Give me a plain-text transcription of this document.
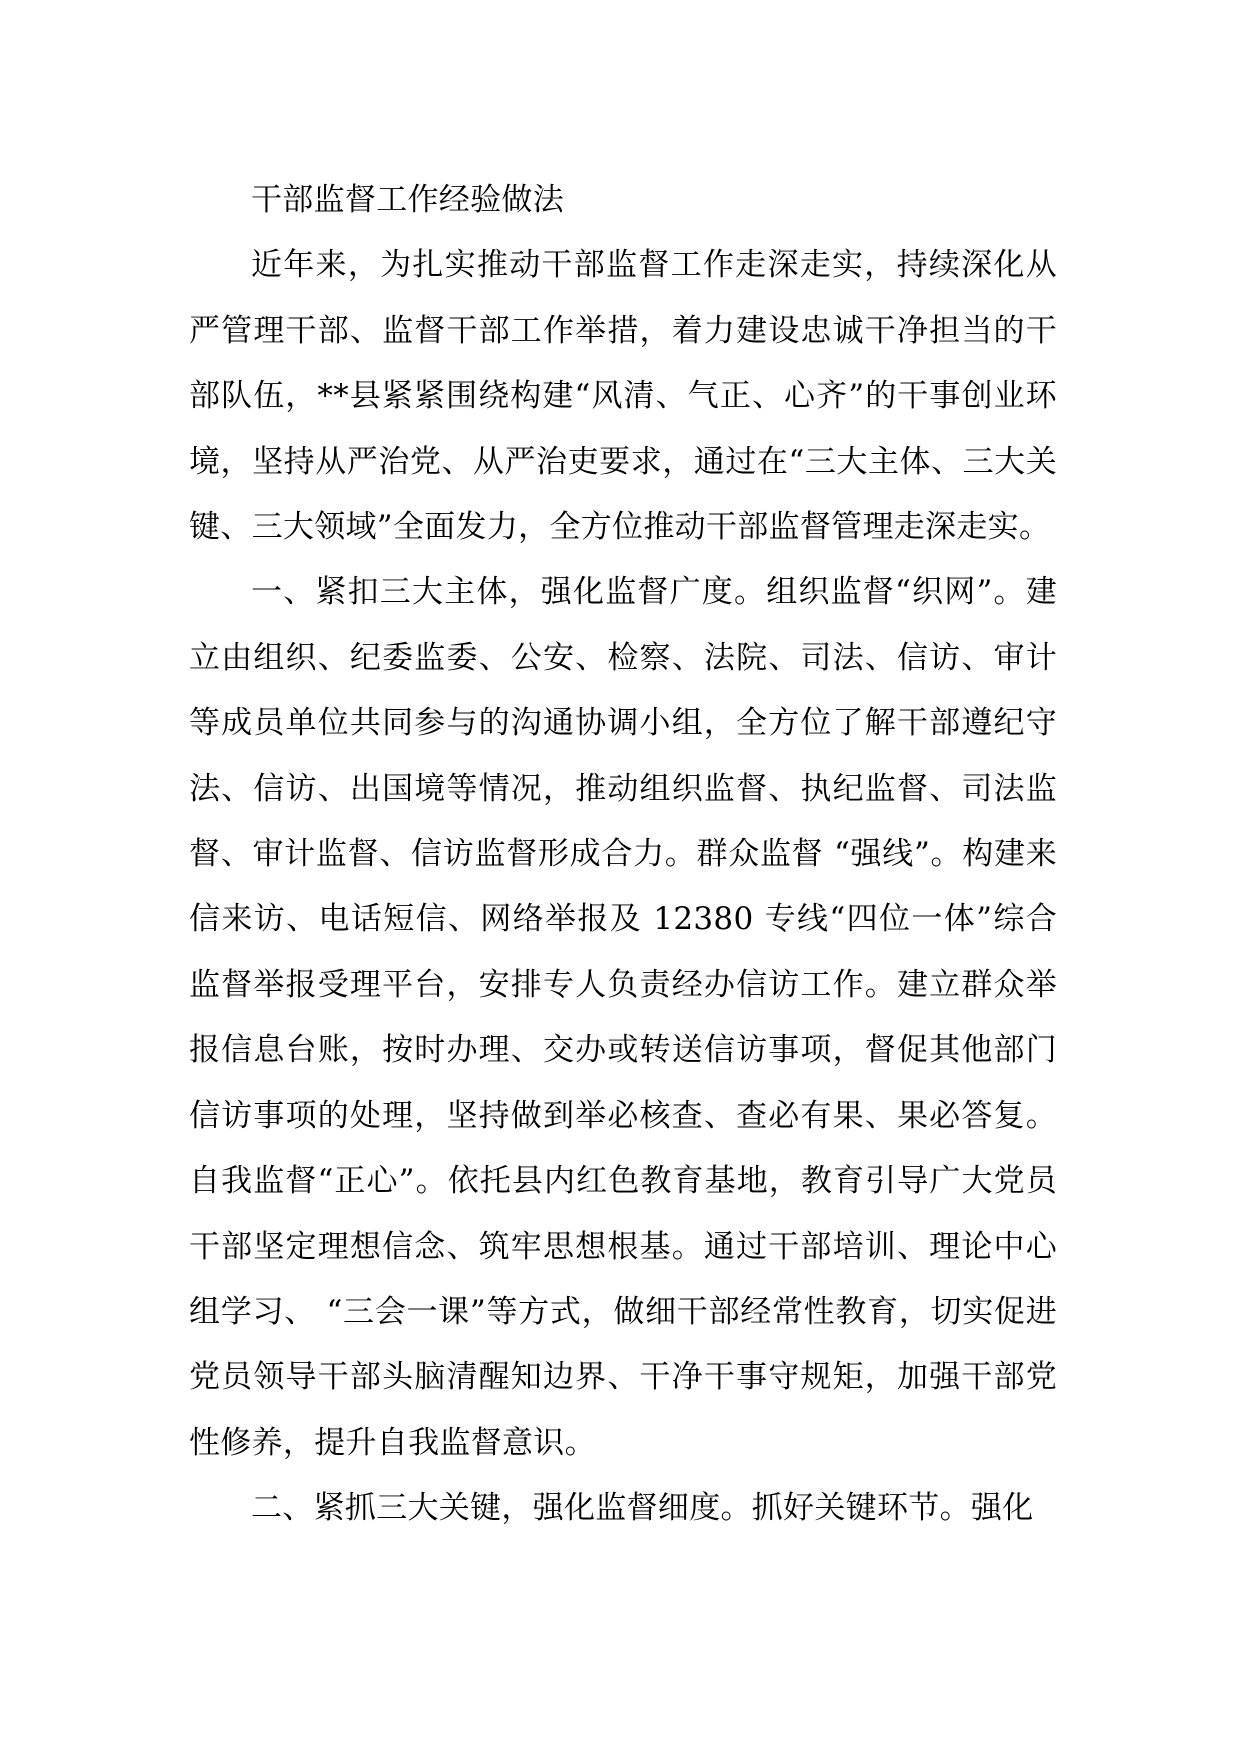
干部监督工作经验做法

近年来，为扎实推动干部监督工作走深走实，持续深化从严管理干部、监督干部工作举措，着力建设忠诚干净担当的干部队伍，**县紧紧围绕构建“风清、气正、心齐”的干事创业环境，坚持从严治党、从严治吏要求，通过在“三大主体、三大关键、三大领域”全面发力，全方位推动干部监督管理走深走实。

一、紧扣三大主体，强化监督广度。组织监督“织网”。建立由组织、纪委监委、公安、检察、法院、司法、信访、审计等成员单位共同参与的沟通协调小组，全方位了解干部遵纪守法、信访、出国境等情况，推动组织监督、执纪监督、司法监督、审计监督、信访监督形成合力。群众监督 “强线”。构建来信来访、电话短信、网络举报及 12380 专线“四位一体”综合监督举报受理平台，安排专人负责经办信访工作。建立群众举报信息台账，按时办理、交办或转送信访事项，督促其他部门信访事项的处理，坚持做到举必核查、查必有果、果必答复。自我监督“正心”。依托县内红色教育基地，教育引导广大党员干部坚定理想信念、筑牢思想根基。通过干部培训、理论中心组学习、 “三会一课”等方式，做细干部经常性教育，切实促进党员领导干部头脑清醒知边界、干净干事守规矩，加强干部党性修养，提升自我监督意识。

二、紧抓三大关键，强化监督细度。抓好关键环节。强化
